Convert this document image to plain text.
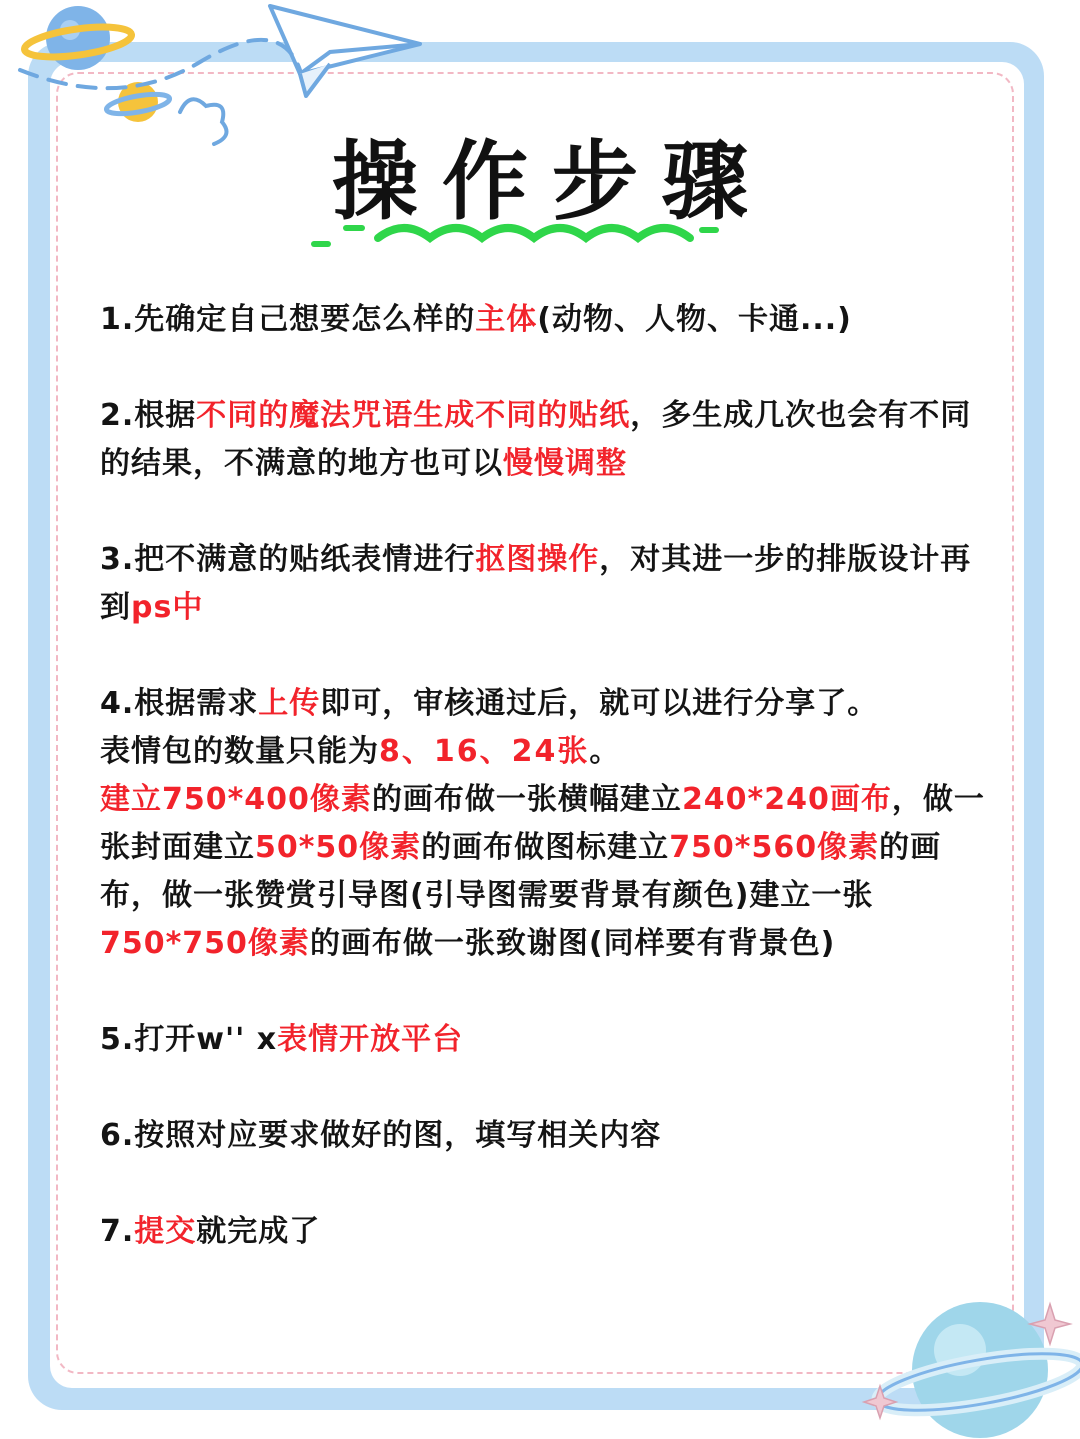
操作步骤

1.先确定自己想要怎么样的主体(动物、人物、卡通...)

2.根据不同的魔法咒语生成不同的贴纸，多生成几次也会有不同的结果，不满意的地方也可以慢慢调整

3.把不满意的贴纸表情进行抠图操作，对其进一步的排版设计再到ps中

4.根据需求上传即可，审核通过后，就可以进行分享了。
表情包的数量只能为8、16、24张。
建立750*400像素的画布做一张横幅建立240*240画布，做一张封面建立50*50像素的画布做图标建立750*560像素的画布，做一张赞赏引导图(引导图需要背景有颜色)建立一张750*750像素的画布做一张致谢图(同样要有背景色)

5.打开w'' x表情开放平台

6.按照对应要求做好的图，填写相关内容

7.提交就完成了
